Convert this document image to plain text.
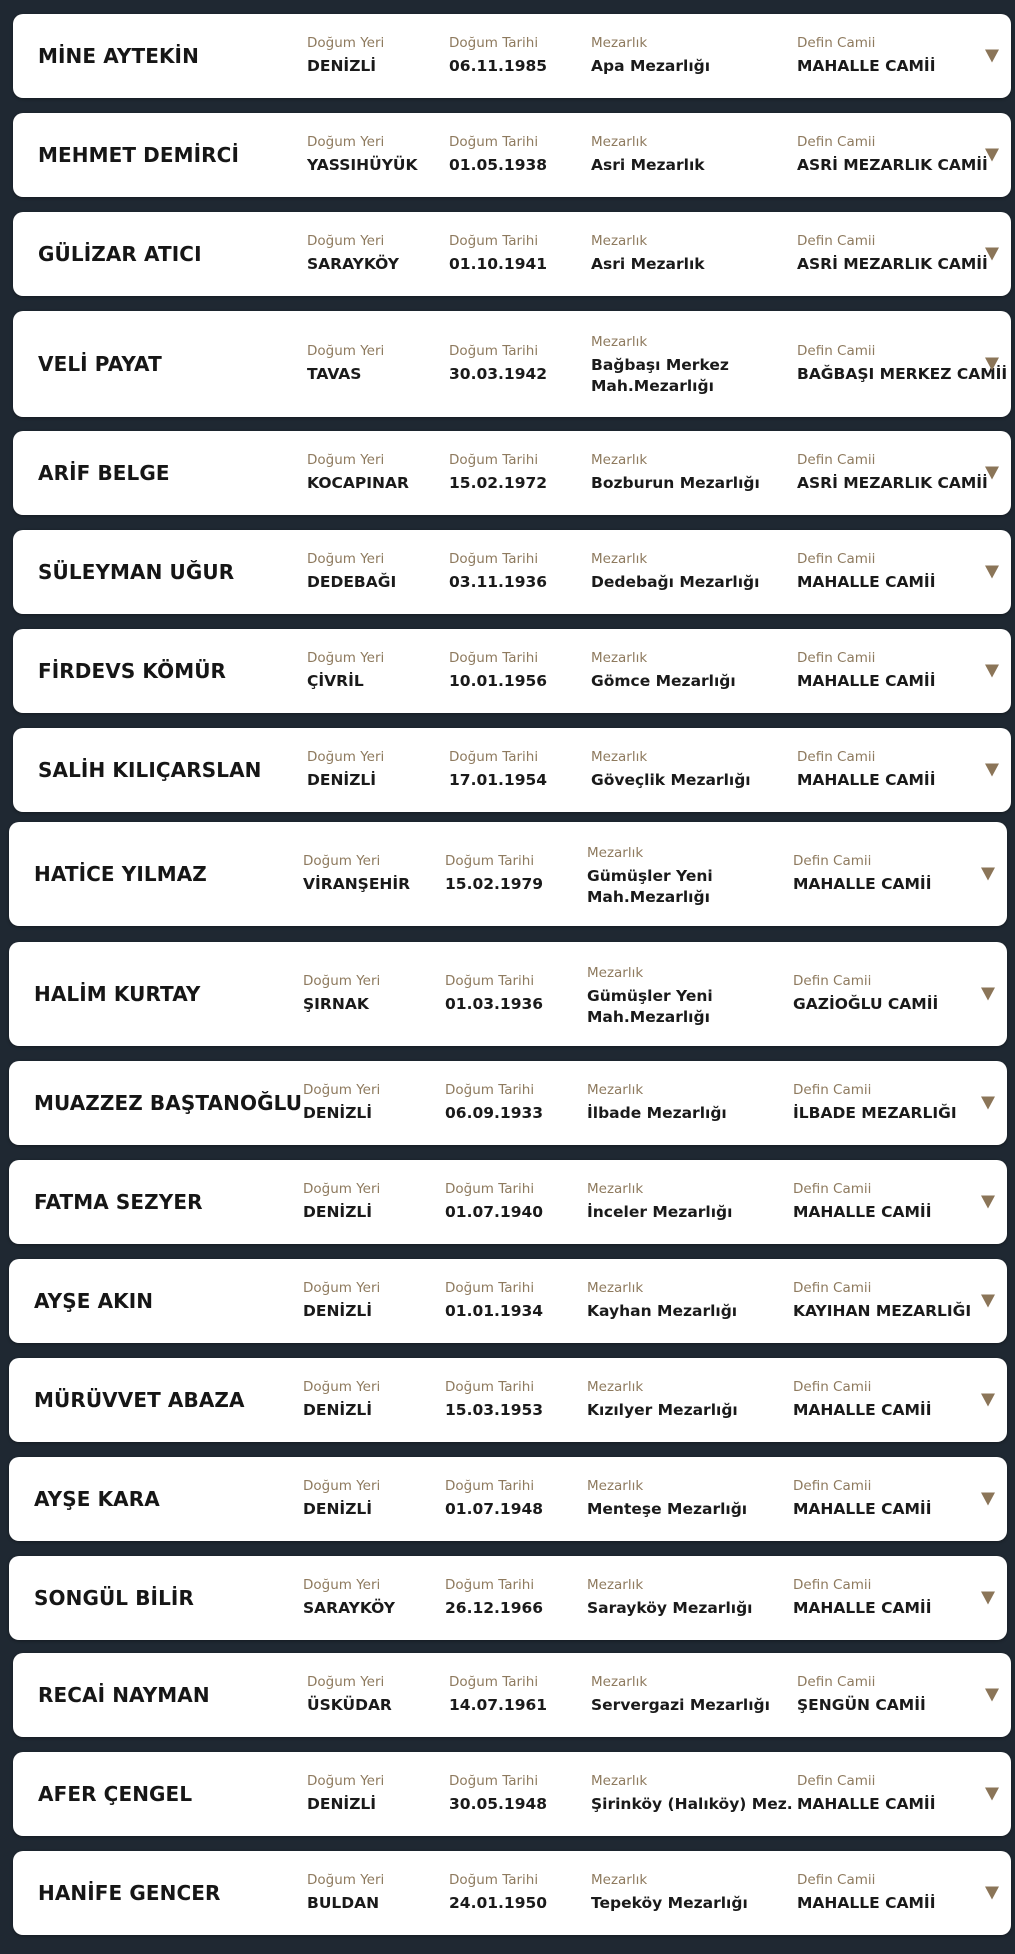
MİNE AYTEKİN
Doğum Yeri
DENİZLİ
Doğum Tarihi
06.11.1985
Mezarlık
Apa Mezarlığı
Defin Camii
MAHALLE CAMİİ
MEHMET DEMİRCİ
Doğum Yeri
YASSIHÜYÜK
Doğum Tarihi
01.05.1938
Mezarlık
Asri Mezarlık
Defin Camii
ASRİ MEZARLIK CAMİİ
GÜLİZAR ATICI
Doğum Yeri
SARAYKÖY
Doğum Tarihi
01.10.1941
Mezarlık
Asri Mezarlık
Defin Camii
ASRİ MEZARLIK CAMİİ
VELİ PAYAT
Doğum Yeri
TAVAS
Doğum Tarihi
30.03.1942
Mezarlık
Bağbaşı Merkez Mah.Mezarlığı
Defin Camii
BAĞBAŞI MERKEZ CAMİİ
ARİF BELGE
Doğum Yeri
KOCAPINAR
Doğum Tarihi
15.02.1972
Mezarlık
Bozburun Mezarlığı
Defin Camii
ASRİ MEZARLIK CAMİİ
SÜLEYMAN UĞUR
Doğum Yeri
DEDEBAĞI
Doğum Tarihi
03.11.1936
Mezarlık
Dedebağı Mezarlığı
Defin Camii
MAHALLE CAMİİ
FİRDEVS KÖMÜR
Doğum Yeri
ÇİVRİL
Doğum Tarihi
10.01.1956
Mezarlık
Gömce Mezarlığı
Defin Camii
MAHALLE CAMİİ
SALİH KILIÇARSLAN
Doğum Yeri
DENİZLİ
Doğum Tarihi
17.01.1954
Mezarlık
Göveçlik Mezarlığı
Defin Camii
MAHALLE CAMİİ
HATİCE YILMAZ
Doğum Yeri
VİRANŞEHİR
Doğum Tarihi
15.02.1979
Mezarlık
Gümüşler Yeni Mah.Mezarlığı
Defin Camii
MAHALLE CAMİİ
HALİM KURTAY
Doğum Yeri
ŞIRNAK
Doğum Tarihi
01.03.1936
Mezarlık
Gümüşler Yeni Mah.Mezarlığı
Defin Camii
GAZİOĞLU CAMİİ
MUAZZEZ BAŞTANOĞLU
Doğum Yeri
DENİZLİ
Doğum Tarihi
06.09.1933
Mezarlık
İlbade Mezarlığı
Defin Camii
İLBADE MEZARLIĞI
FATMA SEZYER
Doğum Yeri
DENİZLİ
Doğum Tarihi
01.07.1940
Mezarlık
İnceler Mezarlığı
Defin Camii
MAHALLE CAMİİ
AYŞE AKIN
Doğum Yeri
DENİZLİ
Doğum Tarihi
01.01.1934
Mezarlık
Kayhan Mezarlığı
Defin Camii
KAYIHAN MEZARLIĞI
MÜRÜVVET ABAZA
Doğum Yeri
DENİZLİ
Doğum Tarihi
15.03.1953
Mezarlık
Kızılyer Mezarlığı
Defin Camii
MAHALLE CAMİİ
AYŞE KARA
Doğum Yeri
DENİZLİ
Doğum Tarihi
01.07.1948
Mezarlık
Menteşe Mezarlığı
Defin Camii
MAHALLE CAMİİ
SONGÜL BİLİR
Doğum Yeri
SARAYKÖY
Doğum Tarihi
26.12.1966
Mezarlık
Sarayköy Mezarlığı
Defin Camii
MAHALLE CAMİİ
RECAİ NAYMAN
Doğum Yeri
ÜSKÜDAR
Doğum Tarihi
14.07.1961
Mezarlık
Servergazi Mezarlığı
Defin Camii
ŞENGÜN CAMİİ
AFER ÇENGEL
Doğum Yeri
DENİZLİ
Doğum Tarihi
30.05.1948
Mezarlık
Şirinköy (Halıköy) Mez.
Defin Camii
MAHALLE CAMİİ
HANİFE GENCER
Doğum Yeri
BULDAN
Doğum Tarihi
24.01.1950
Mezarlık
Tepeköy Mezarlığı
Defin Camii
MAHALLE CAMİİ
